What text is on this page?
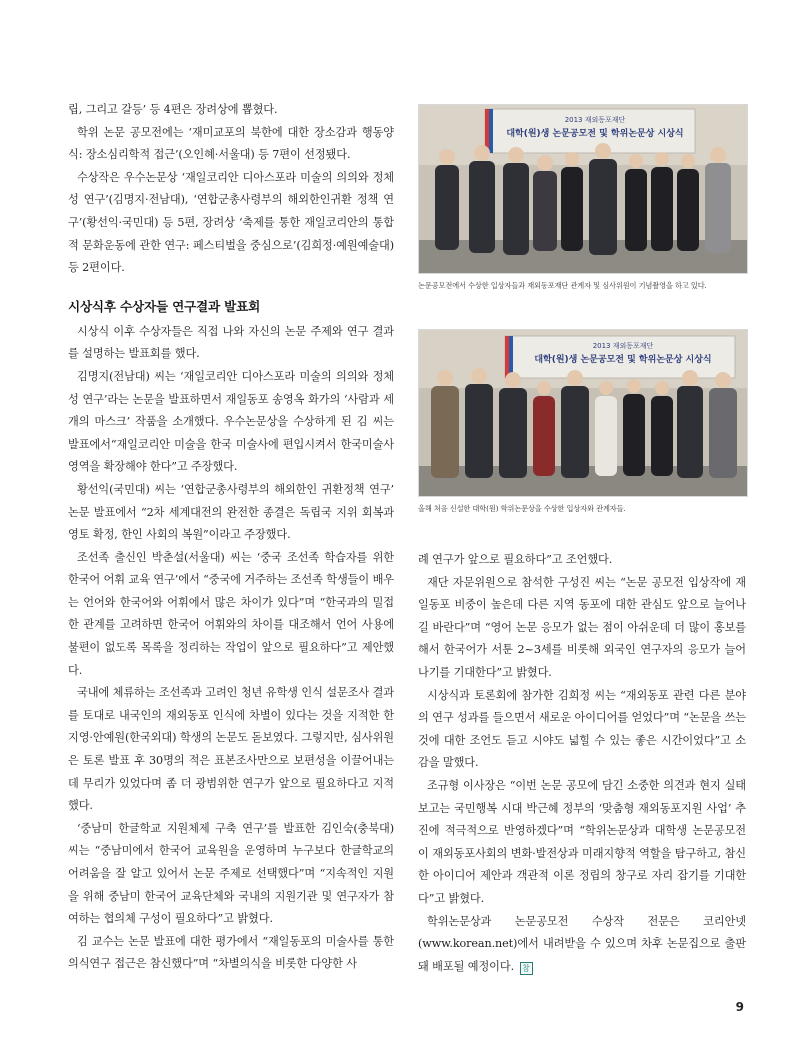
립, 그리고 갈등’ 등 4편은 장려상에 뽑혔다.

학위 논문 공모전에는 ‘재미교포의 북한에 대한 장소감과 행동양식: 장소심리학적 접근’(오인혜·서울대) 등 7편이 선정됐다.

수상작은 우수논문상 ‘재일코리안 디아스포라 미술의 의의와 정체성 연구’(김명지·전남대), ‘연합군총사령부의 해외한인귀환 정책 연구’(황선익·국민대) 등 5편, 장려상 ‘축제를 통한 재일코리안의 통합적 문화운동에 관한 연구: 페스티벌을 중심으로’(김희정·예원예술대) 등 2편이다.

시상식후 수상자들 연구결과 발표회

시상식 이후 수상자들은 직접 나와 자신의 논문 주제와 연구 결과를 설명하는 발표회를 했다.

김명지(전남대) 씨는 ‘재일코리안 디아스포라 미술의 의의와 정체성 연구’라는 논문을 발표하면서 재일동포 송영옥 화가의 ‘사람과 세 개의 마스크’ 작품을 소개했다. 우수논문상을 수상하게 된 김 씨는 발표에서“재일코리안 미술을 한국 미술사에 편입시켜서 한국미술사 영역을 확장해야 한다”고 주장했다.

황선익(국민대) 씨는 ‘연합군총사령부의 해외한인 귀환정책 연구’ 논문 발표에서 “2차 세계대전의 완전한 종결은 독립국 지위 회복과 영토 확정, 한인 사회의 복원”이라고 주장했다.

조선족 출신인 박춘설(서울대) 씨는 ‘중국 조선족 학습자를 위한 한국어 어휘 교육 연구’에서 “중국에 거주하는 조선족 학생들이 배우는 언어와 한국어와 어휘에서 많은 차이가 있다”며 “한국과의 밀접한 관계를 고려하면 한국어 어휘와의 차이를 대조해서 언어 사용에 불편이 없도록 목록을 정리하는 작업이 앞으로 필요하다”고 제안했다.

국내에 체류하는 조선족과 고려인 청년 유학생 인식 설문조사 결과를 토대로 내국인의 재외동포 인식에 차별이 있다는 것을 지적한 한지영·안예원(한국외대) 학생의 논문도 돋보였다. 그렇지만, 심사위원은 토론 발표 후 30명의 적은 표본조사만으로 보편성을 이끌어내는 데 무리가 있었다며 좀 더 광범위한 연구가 앞으로 필요하다고 지적했다.

‘중남미 한글학교 지원체제 구축 연구’를 발표한 김인숙(충북대) 씨는 “중남미에서 한국어 교육원을 운영하며 누구보다 한글학교의 어려움을 잘 알고 있어서 논문 주제로 선택했다”며 “지속적인 지원을 위해 중남미 한국어 교육단체와 국내의 지원기관 및 연구자가 참여하는 협의체 구성이 필요하다”고 밝혔다.

김 교수는 논문 발표에 대한 평가에서 “재일동포의 미술사를 통한 의식연구 접근은 참신했다”며 “차별의식을 비롯한 다양한 사

2013 재외동포재단
대학(원)생 논문공모전 및 학위논문상 시상식
논문공모전에서 수상한 입상자들과 재외동포재단 관계자 및 심사위원이 기념촬영을 하고 있다.
2013 재외동포재단
대학(원)생 논문공모전 및 학위논문상 시상식
올해 처음 신설한 대학(원) 학위논문상을 수상한 입상자와 관계자들.

례 연구가 앞으로 필요하다”고 조언했다.

재단 자문위원으로 참석한 구성진 씨는 “논문 공모전 입상작에 재일동포 비중이 높은데 다른 지역 동포에 대한 관심도 앞으로 늘어나길 바란다”며 “영어 논문 응모가 없는 점이 아쉬운데 더 많이 홍보를 해서 한국어가 서툰 2~3세를 비롯해 외국인 연구자의 응모가 늘어나기를 기대한다”고 밝혔다.

시상식과 토론회에 참가한 김희정 씨는 “재외동포 관련 다른 분야의 연구 성과를 들으면서 새로운 아이디어를 얻었다”며 “논문을 쓰는 것에 대한 조언도 듣고 시야도 넓힐 수 있는 좋은 시간이었다”고 소감을 말했다.

조규형 이사장은 “이번 논문 공모에 담긴 소중한 의견과 현지 실태보고는 국민행복 시대 박근혜 정부의 ‘맞춤형 재외동포지원 사업’ 추진에 적극적으로 반영하겠다”며 “학위논문상과 대학생 논문공모전이 재외동포사회의 변화·발전상과 미래지향적 역할을 탐구하고, 참신한 아이디어 제안과 객관적 이론 정립의 창구로 자리 잡기를 기대한다”고 밝혔다.

학위논문상과 논문공모전 수상작 전문은 코리안넷(www.korean.net)에서 내려받을 수 있으며 차후 논문집으로 출판돼 배포될 예정이다. 참

9
